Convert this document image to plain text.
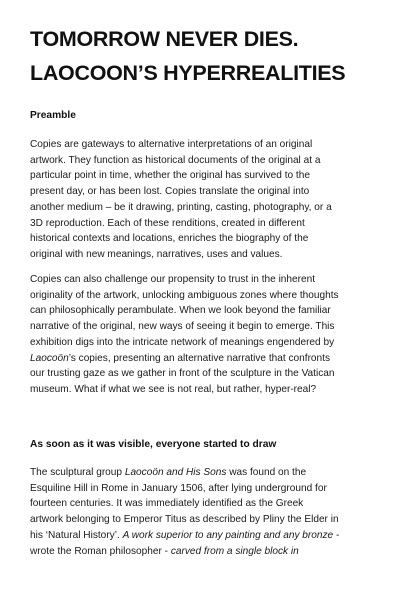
TOMORROW NEVER DIES.
LAOCOON’S HYPERREALITIES
Preamble
Copies are gateways to alternative interpretations of an original
artwork. They function as historical documents of the original at a
particular point in time, whether the original has survived to the
present day, or has been lost. Copies translate the original into
another medium – be it drawing, printing, casting, photography, or a
3D reproduction. Each of these renditions, created in different
historical contexts and locations, enriches the biography of the
original with new meanings, narratives, uses and values.
Copies can also challenge our propensity to trust in the inherent
originality of the artwork, unlocking ambiguous zones where thoughts
can philosophically perambulate. When we look beyond the familiar
narrative of the original, new ways of seeing it begin to emerge. This
exhibition digs into the intricate network of meanings engendered by
Laocoön’s copies, presenting an alternative narrative that confronts
our trusting gaze as we gather in front of the sculpture in the Vatican
museum. What if what we see is not real, but rather, hyper-real?
As soon as it was visible, everyone started to draw
The sculptural group Laocoön and His Sons was found on the
Esquiline Hill in Rome in January 1506, after lying underground for
fourteen centuries. It was immediately identified as the Greek
artwork belonging to Emperor Titus as described by Pliny the Elder in
his ‘Natural History’. A work superior to any painting and any bronze -
wrote the Roman philosopher - carved from a single block in
